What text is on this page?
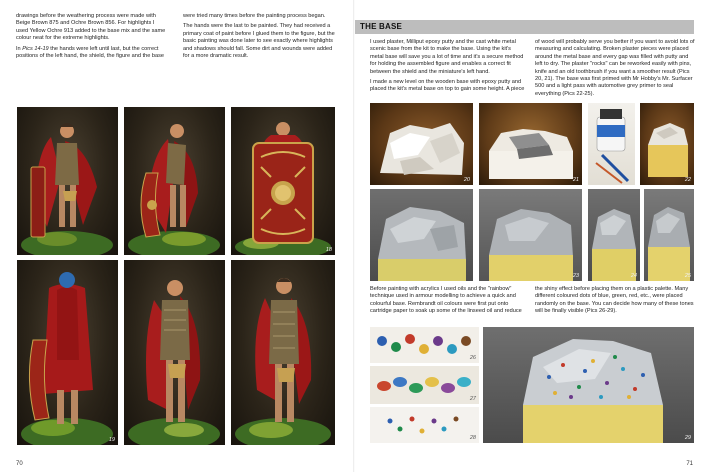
drawings before the weathering process were made with Beige Brown 875 and Ochre Brown 856. For highlights I used Yellow Ochre 913 added to the base mix and the same colour neat for the extreme highlights.

In Pics 14-19 the hands were left until last, but the correct positions of the left hand, the shield, the figure and the base

were tried many times before the painting process began.

The hands were the last to be painted. They had received a primary coat of paint before I glued them to the figure, but the basic painting was done later to see exactly where highlights and shadows should fall. Some dirt and wounds were added for a more dramatic result.

18
19
70
THE BASE

I used plaster, Milliput epoxy putty and the cast white metal scenic base from the kit to make the base. Using the kit's metal base will save you a lot of time and it's a secure method for holding the assembled figure and enables a correct fit between the shield and the miniature's left hand.

I made a new level on the wooden base with epoxy putty and placed the kit's metal base on top to gain some height. A piece

of wood will probably serve you better if you want to avoid lots of measuring and calculating. Broken plaster pieces were placed around the metal base and every gap was filled with putty and left to dry. The plaster "rocks" can be reworked easily with pins, knife and an old toothbrush if you want a smoother result (Pics 20, 21). The base was first primed with Mr Hobby's Mr. Surfacer 500 and a light pass with automotive grey primer to seal everything (Pics 22-25).

20	21	22
23	24	25

Before painting with acrylics I used oils and the "rainbow" technique used in armour modelling to achieve a quick and colourful base. Rembrandt oil colours were first put onto cartridge paper to soak up some of the linseed oil and reduce

the shiny effect before placing them on a plastic palette. Many different coloured dots of blue, green, red, etc., were placed randomly on the base. You can decide how many of these tones will be finally visible (Pics 26-29).

26
27
28	29
71
